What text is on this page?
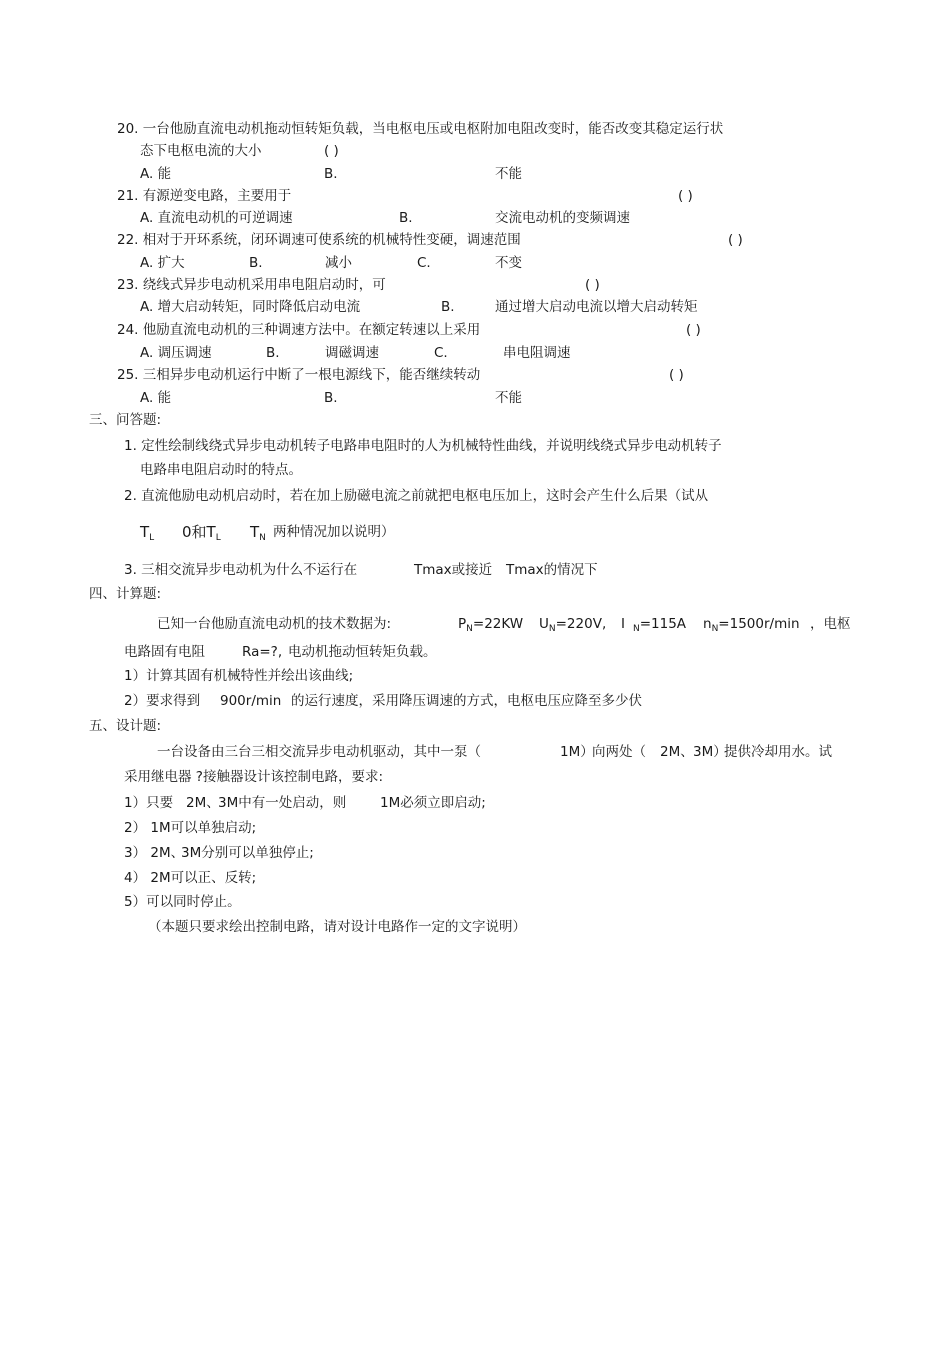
20. 一台他励直流电动机拖动恒转矩负载，当电枢电压或电枢附加电阻改变时，能否改变其稳定运行状
态下电枢电流的大小	( )
A. 能	B.	不能
21. 有源逆变电路，主要用于	( )
A. 直流电动机的可逆调速	B.	交流电动机的变频调速
22. 相对于开环系统，闭环调速可使系统的机械特性变硬，调速范围	( )
A. 扩大	B.	减小	C.	不变
23. 绕线式异步电动机采用串电阻启动时，可	( )
A. 增大启动转矩，同时降低启动电流	B.	通过增大启动电流以增大启动转矩
24. 他励直流电动机的三种调速方法中。在额定转速以上采用	( )
A. 调压调速	B.	调磁调速	C.	串电阻调速
25. 三相异步电动机运行中断了一根电源线下，能否继续转动	( )
A. 能	B.	不能
三、问答题:
1. 定性绘制线绕式异步电动机转子电路串电阻时的人为机械特性曲线，并说明线绕式异步电动机转子
电路串电阻启动时的特点。
2. 直流他励电动机启动时，若在加上励磁电流之前就把电枢电压加上，这时会产生什么后果（试从
$T_L$ 0和$T_L$ $T_N$ 两种情况加以说明）
3. 三相交流异步电动机为什么不运行在	Tmax或接近 Tmax的情况下
四、计算题:
已知一台他励直流电动机的技术数据为:	$P_N=22KW$ $U_N=220V$, I $_N$=115A $n_N=1500r/\min$ ，电枢
电路固有电阻	Ra=?, 电动机拖动恒转矩负载。
1）计算其固有机械特性并绘出该曲线;
2）要求得到 900r/min 的运行速度，采用降压调速的方式，电枢电压应降至多少伏
五、设计题:
一台设备由三台三相交流异步电动机驱动，其中一泵（	1M）
向两处（ 2M、 3M）
提供冷却用水。试
采用继电器 ?接触器设计该控制电路，要求:
1）只要 2M、
3M中有一处启动，则	1M必须立即启动;
2） 1M可以单独启动;
3） 2M、
3M分别可以单独停止;
4） 2M可以正、反转;
5）可以同时停止。
（本题只要求绘出控制电路，请对设计电路作一定的文字说明）
